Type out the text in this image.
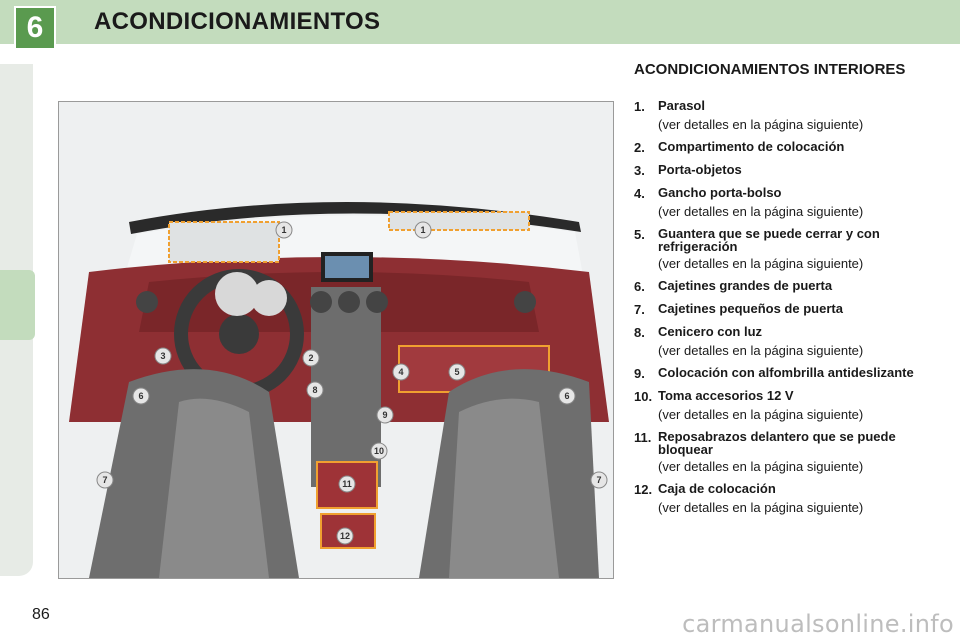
6	ACONDICIONAMIENTOS
1	1
2
3
4	5
6	6
7	7
8
9
10
11
12
ACONDICIONAMIENTOS INTERIORES
1.	Parasol
(ver detalles en la página siguiente)
2.	Compartimento de colocación
3.	Porta-objetos
4.	Gancho porta-bolso
(ver detalles en la página siguiente)
5.	Guantera que se puede cerrar y con refrigeración
(ver detalles en la página siguiente)
6.	Cajetines grandes de puerta
7.	Cajetines pequeños de puerta
8.	Cenicero con luz
(ver detalles en la página siguiente)
9.	Colocación con alfombrilla antideslizante
10. Toma accesorios 12 V
(ver detalles en la página siguiente)
11. Reposabrazos delantero que se puede bloquear
(ver detalles en la página siguiente)
12. Caja de colocación
(ver detalles en la página siguiente)
86	carmanualsonline.info
